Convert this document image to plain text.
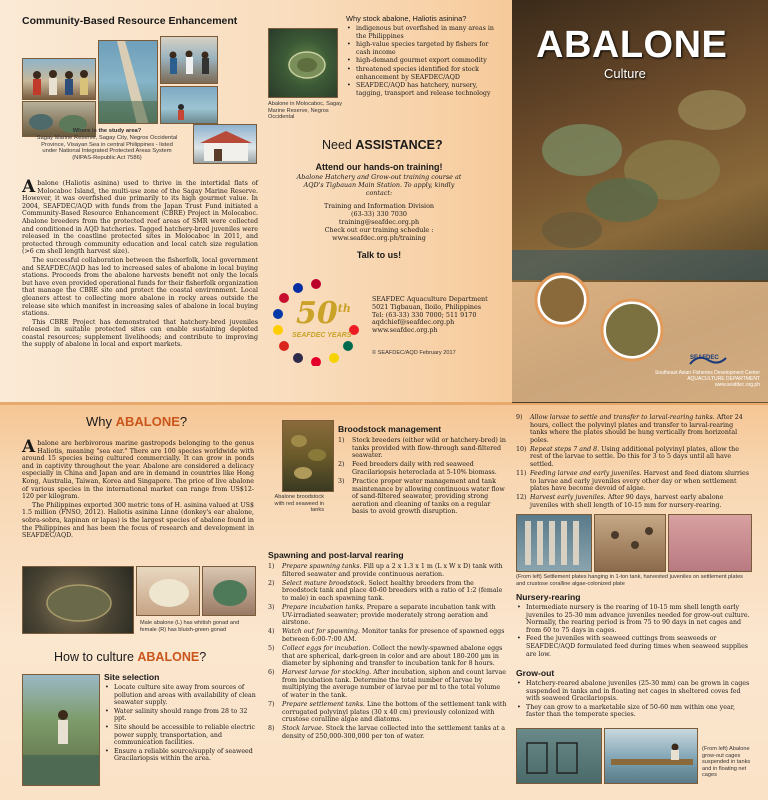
Community-Based Resource Enhancement
Where is the study area?
Sagay Marine Reserve, Sagay City, Negros Occidental Province, Visayan Sea in central Philippines - listed under National Integrated Protected Areas System (NIPAS-Republic Act 7586)

Abalone (Haliotis asinina) used to thrive in the intertidal flats of Molocaboc Island, the multi-use zone of the Sagay Marine Reserve. However, it was overfished due primarily to its high gourmet value. In 2004, SEAFDEC/AQD with funds from the Japan Trust Fund initiated a Community-Based Resource Enhancement (CBRE) Project in Molocaboc. Abalone breeders from the protected reef areas of SMR were collected and conditioned in AQD hatcheries. Tagged hatchery-bred juveniles were released in the coastline protected sites in Molocaboc in 2011, and protected through community education and local catch size regulation (>6 cm shell length harvest size).

The successful collaboration between the fisherfolk, local government and SEAFDEC/AQD has led to increased sales of abalone in local buying stations. Proceeds from the abalone harvests benefit not only the locals but have even provided operational funds for their fisherfolk organization that manage the CBRE site and protect the coastal environment. Local gleaners attest to collecting more abalone in rocky areas outside the release site which manifest in increasing sales of abalone in local buying stations.

This CBRE Project has demonstrated that hatchery-bred juveniles released in suitable protected sites can enable sustaining depleted coastal resources; supplement livelihoods; and contribute to improving the supply of abalone in local and export markets.

Abalone in Molocaboc, Sagay Marine Reserve, Negros Occidental
Why stock abalone, Haliotis asinina?
• indigenous but overfished in many areas in the Philippines
• high-value species targeted by fishers for cash income
• high-demand gourmet export commodity
• threatened species identified for stock enhancement by SEAFDEC/AQD
• SEAFDEC/AQD has hatchery, nursery, tagging, transport and release technology
Need ASSISTANCE?
Attend our hands-on training!
Abalone Hatchery and Grow-out training course at AQD's Tigbauan Main Station. To apply, kindly contact:
Training and Information Division
(63-33) 330 7030
training@seafdec.org.ph
Check out our training schedule :
www.seafdec.org.ph/training
Talk to us!
50th
SEAFDEC YEARS
SEAFDEC Aquaculture Department
5021 Tigbauan, Iloilo, Philippines
Tel: (63-33) 330 7000; 511 9170
aqdchief@seafdec.org.ph
www.seafdec.org.ph
© SEAFDEC/AQD February 2017
ABALONE
Culture
SEAFDEC
Southeast Asian Fisheries Development Center
AQUACULTURE DEPARTMENT
www.seafdec.org.ph
Why ABALONE?

Abalone are herbivorous marine gastropods belonging to the genus Haliotis, meaning "sea ear." There are 100 species worldwide with around 15 species being cultured commercially. It can grow in ponds and in captivity throughout the year. Abalone are considered a delicacy especially in China and Japan and are in demand in countries like Hong Kong, Australia, Taiwan, Korea and Singapore. The price of live abalone of various species in the international market can range from US$12-120 per kilogram.

The Philippines exported 300 metric tons of H. asinina valued at US$ 1.5 million (FNSO, 2012). Haliotis asinina Linne (donkey's ear abalone, sobra-sobra, kapinan or lapas) is the largest species of abalone found in the Philippines and has been the focus of research and development in SEAFDEC/AQD.

Male abalone (L) has whitish gonad and female (R) has bluish-green gonad
How to culture ABALONE?
Site selection
• Locate culture site away from sources of pollution and areas with availability of clean seawater supply.
• Water salinity should range from 28 to 32 ppt.
• Site should be accessible to reliable electric power supply, transportation, and communication facilities.
• Ensure a reliable source/supply of seaweed Gracilariopsis within the area.
Abalone broodstock with red seaweed in tanks
Broodstock management
1) Stock breeders (either wild or hatchery-bred) in tanks provided with flow-through sand-filtered seawater.
2) Feed breeders daily with red seaweed Gracilariopsis heteroclada at 5-10% biomass.
3) Practice proper water management and tank maintenance by allowing continuous water flow of sand-filtered seawater, providing strong aeration and cleaning of tanks on a regular basis to avoid growth disruption.
Spawning and post-larval rearing
1) Prepare spawning tanks. Fill up a 2 x 1.3 x 1 m (L x W x D) tank with filtered seawater and provide continuous aeration.
2) Select mature broodstock. Select healthy breeders from the broodstock tank and place 40-60 breeders with a ratio of 1:2 (female to male) in each spawning tank.
3) Prepare incubation tanks. Prepare a separate incubation tank with UV-irradiated seawater; provide moderately strong aeration and airstone.
4) Watch out for spawning. Monitor tanks for presence of spawned eggs between 6:00-7:00 AM.
5) Collect eggs for incubation. Collect the newly-spawned abalone eggs that are spherical, dark-green in color and are about 180-200 µm in diameter by siphoning and transfer to incubation tank for 8 hours.
6) Harvest larvae for stocking. After incubation, siphon and count larvae from incubation tank. Determine the total number of larvae by multiplying the average number of larvae per ml to the total volume of water in the tank.
7) Prepare settlement tanks. Line the bottom of the settlement tank with corrugated polyvinyl plates (30 x 40 cm) previously colonized with crustose coralline algae and diatoms.
8) Stock larvae. Stock the larvae collected into the settlement tanks at a density of 250,000-300,000 per ton of water.
9) Allow larvae to settle and transfer to larval-rearing tanks. After 24 hours, collect the polyvinyl plates and transfer to larval-rearing tanks where the plates should be hung vertically from horizontal poles.
10) Repeat steps 7 and 8. Using additional polyvinyl plates, allow the rest of the larvae to settle. Do this for 3 to 5 days until all have settled.
11) Feeding larvae and early juveniles. Harvest and feed diatom slurries to larvae and early juveniles every other day or when settlement plates have become devoid of algae.
12) Harvest early juveniles. After 90 days, harvest early abalone juveniles with shell length of 10-15 mm for nursery-rearing.
(From left) Settlement plates hanging in 1-ton tank, harvested juveniles on settlement plates and crustose coralline algae-colonized plate
Nursery-rearing
• Intermediate nursery is the rearing of 10-15 mm shell length early juveniles to 25-30 mm advance juveniles needed for grow-out culture. Normally, the rearing period is from 75 to 90 days in net cages and from 60 to 75 days in cages.
• Feed the juveniles with seaweed cuttings from seaweeds or SEAFDEC/AQD formulated feed during times when seaweed supplies are low.
Grow-out
• Hatchery-reared abalone juveniles (25-30 mm) can be grown in cages suspended in tanks and in floating net cages in sheltered coves fed with seaweed Gracilariopsis.
• They can grow to a marketable size of 50-60 mm within one year, faster than the temperate species.
(From left) Abalone grow-out cages suspended in tanks and in floating net cages
